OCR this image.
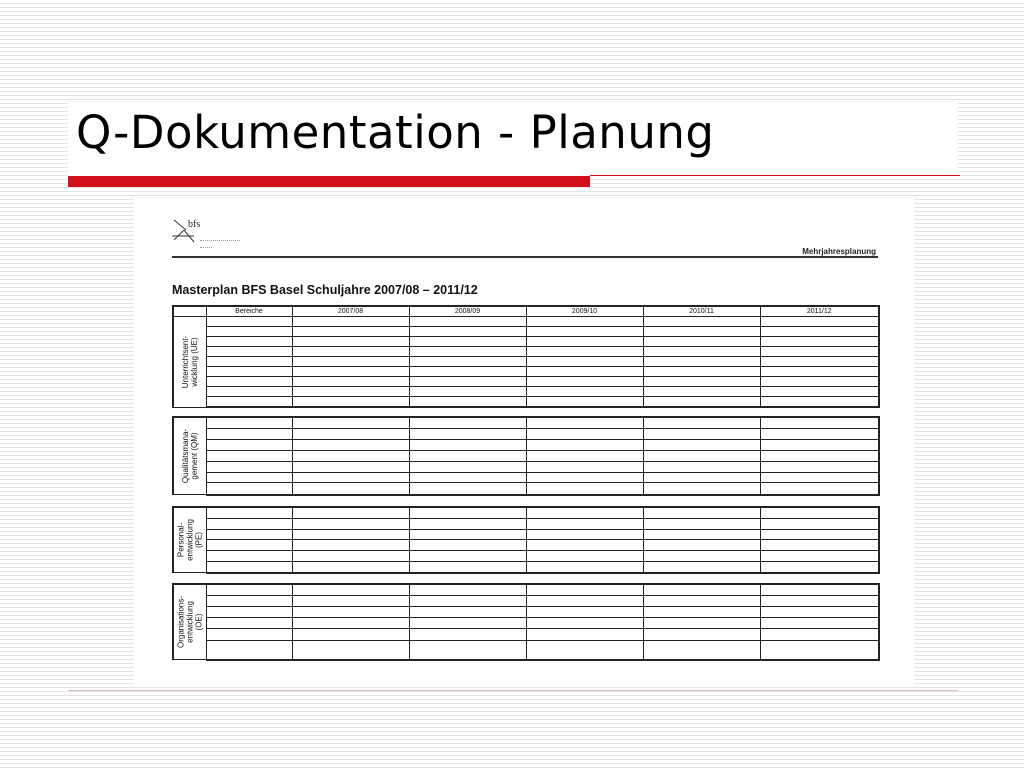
Q-Dokumentation - Planung
bfs
Mehrjahresplanung
Masterplan BFS Basel Schuljahre 2007/08 – 2011/12
	Bereiche	2007/08	2008/09	2009/10	2010/11	2011/12

Unterrichtsent-
wicklung (UE)						

Qualitätsmana-
gement (QM)						

Personal-
entwicklung
(PE)						

Organisations-
entwicklung
(OE)						
